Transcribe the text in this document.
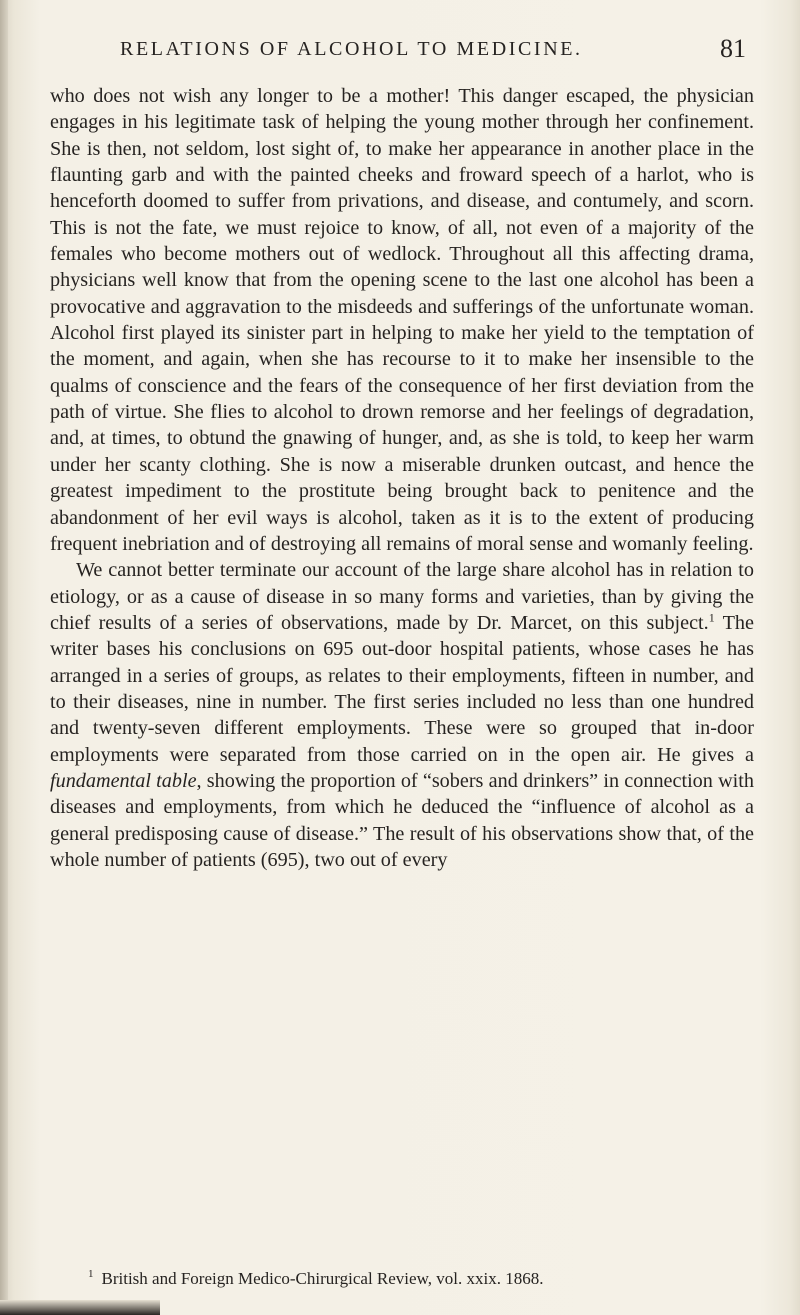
RELATIONS OF ALCOHOL TO MEDICINE.	81

who does not wish any longer to be a mother! This danger escaped, the physician engages in his legitimate task of helping the young mother through her confinement. She is then, not seldom, lost sight of, to make her appearance in another place in the flaunting garb and with the painted cheeks and froward speech of a harlot, who is henceforth doomed to suffer from privations, and disease, and contumely, and scorn. This is not the fate, we must rejoice to know, of all, not even of a majority of the females who become mothers out of wedlock. Throughout all this affecting drama, physicians well know that from the opening scene to the last one alcohol has been a provocative and aggravation to the misdeeds and sufferings of the unfortunate woman. Alcohol first played its sinister part in helping to make her yield to the temptation of the moment, and again, when she has recourse to it to make her insensible to the qualms of conscience and the fears of the consequence of her first deviation from the path of virtue. She flies to alcohol to drown remorse and her feelings of degradation, and, at times, to obtund the gnawing of hunger, and, as she is told, to keep her warm under her scanty clothing. She is now a miserable drunken outcast, and hence the greatest impediment to the prostitute being brought back to penitence and the abandonment of her evil ways is alcohol, taken as it is to the extent of producing frequent inebriation and of destroying all remains of moral sense and womanly feeling.

We cannot better terminate our account of the large share alcohol has in relation to etiology, or as a cause of disease in so many forms and varieties, than by giving the chief results of a series of observations, made by Dr. Marcet, on this subject.$^1$ The writer bases his conclusions on 695 out-door hospital patients, whose cases he has arranged in a series of groups, as relates to their employments, fifteen in number, and to their diseases, nine in number. The first series included no less than one hundred and twenty-seven different employments. These were so grouped that in-door employments were separated from those carried on in the open air. He gives a fundamental table, showing the proportion of “sobers and drinkers” in connection with diseases and employments, from which he deduced the “influence of alcohol as a general predisposing cause of disease.” The result of his observations show that, of the whole number of patients (695), two out of every

$^1$ British and Foreign Medico-Chirurgical Review, vol. xxix. 1868.
